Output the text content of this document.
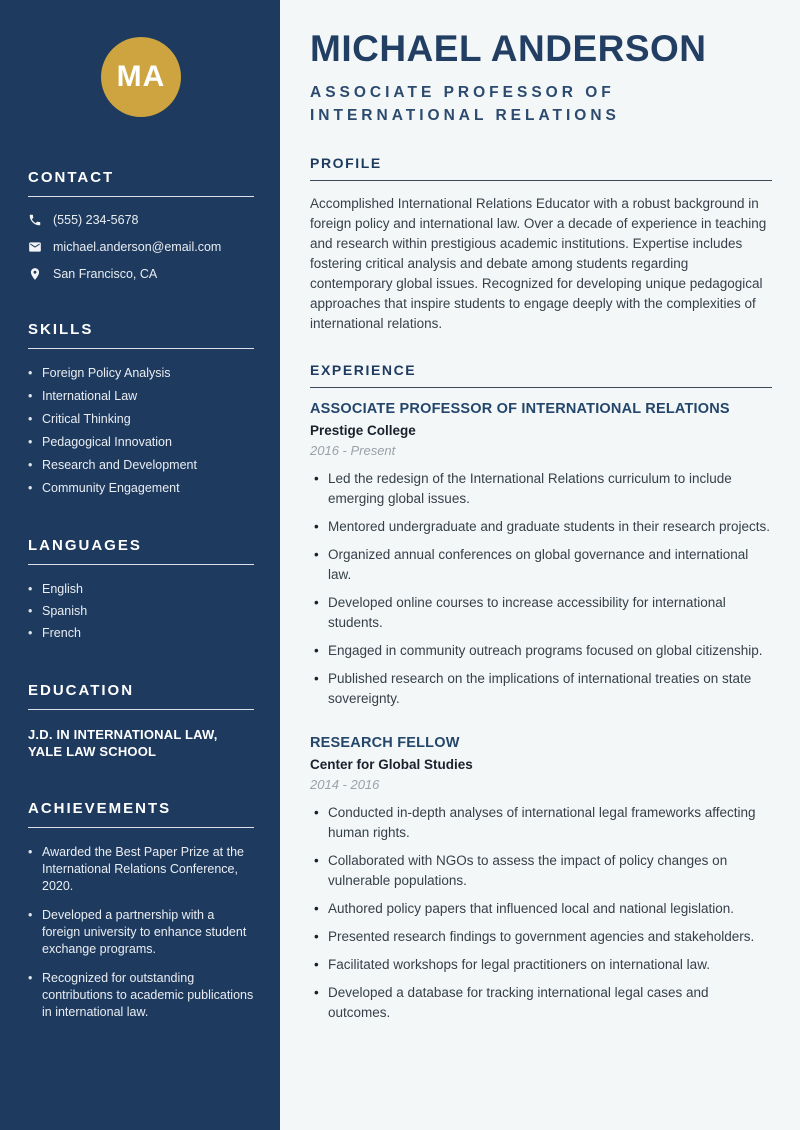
MA
CONTACT
(555) 234-5678
michael.anderson@email.com
San Francisco, CA
SKILLS
• Foreign Policy Analysis
• International Law
• Critical Thinking
• Pedagogical Innovation
• Research and Development
• Community Engagement
LANGUAGES
• English
• Spanish
• French
EDUCATION
J.D. IN INTERNATIONAL LAW, YALE LAW SCHOOL
ACHIEVEMENTS
• Awarded the Best Paper Prize at the International Relations Conference, 2020.
• Developed a partnership with a foreign university to enhance student exchange programs.
• Recognized for outstanding contributions to academic publications in international law.
MICHAEL ANDERSON
ASSOCIATE PROFESSOR OF INTERNATIONAL RELATIONS
PROFILE

Accomplished International Relations Educator with a robust background in foreign policy and international law. Over a decade of experience in teaching and research within prestigious academic institutions. Expertise includes fostering critical analysis and debate among students regarding contemporary global issues. Recognized for developing unique pedagogical approaches that inspire students to engage deeply with the complexities of international relations.

EXPERIENCE
ASSOCIATE PROFESSOR OF INTERNATIONAL RELATIONS
Prestige College
2016 - Present
• Led the redesign of the International Relations curriculum to include emerging global issues.
• Mentored undergraduate and graduate students in their research projects.
• Organized annual conferences on global governance and international law.
• Developed online courses to increase accessibility for international students.
• Engaged in community outreach programs focused on global citizenship.
• Published research on the implications of international treaties on state sovereignty.
RESEARCH FELLOW
Center for Global Studies
2014 - 2016
• Conducted in-depth analyses of international legal frameworks affecting human rights.
• Collaborated with NGOs to assess the impact of policy changes on vulnerable populations.
• Authored policy papers that influenced local and national legislation.
• Presented research findings to government agencies and stakeholders.
• Facilitated workshops for legal practitioners on international law.
• Developed a database for tracking international legal cases and outcomes.
